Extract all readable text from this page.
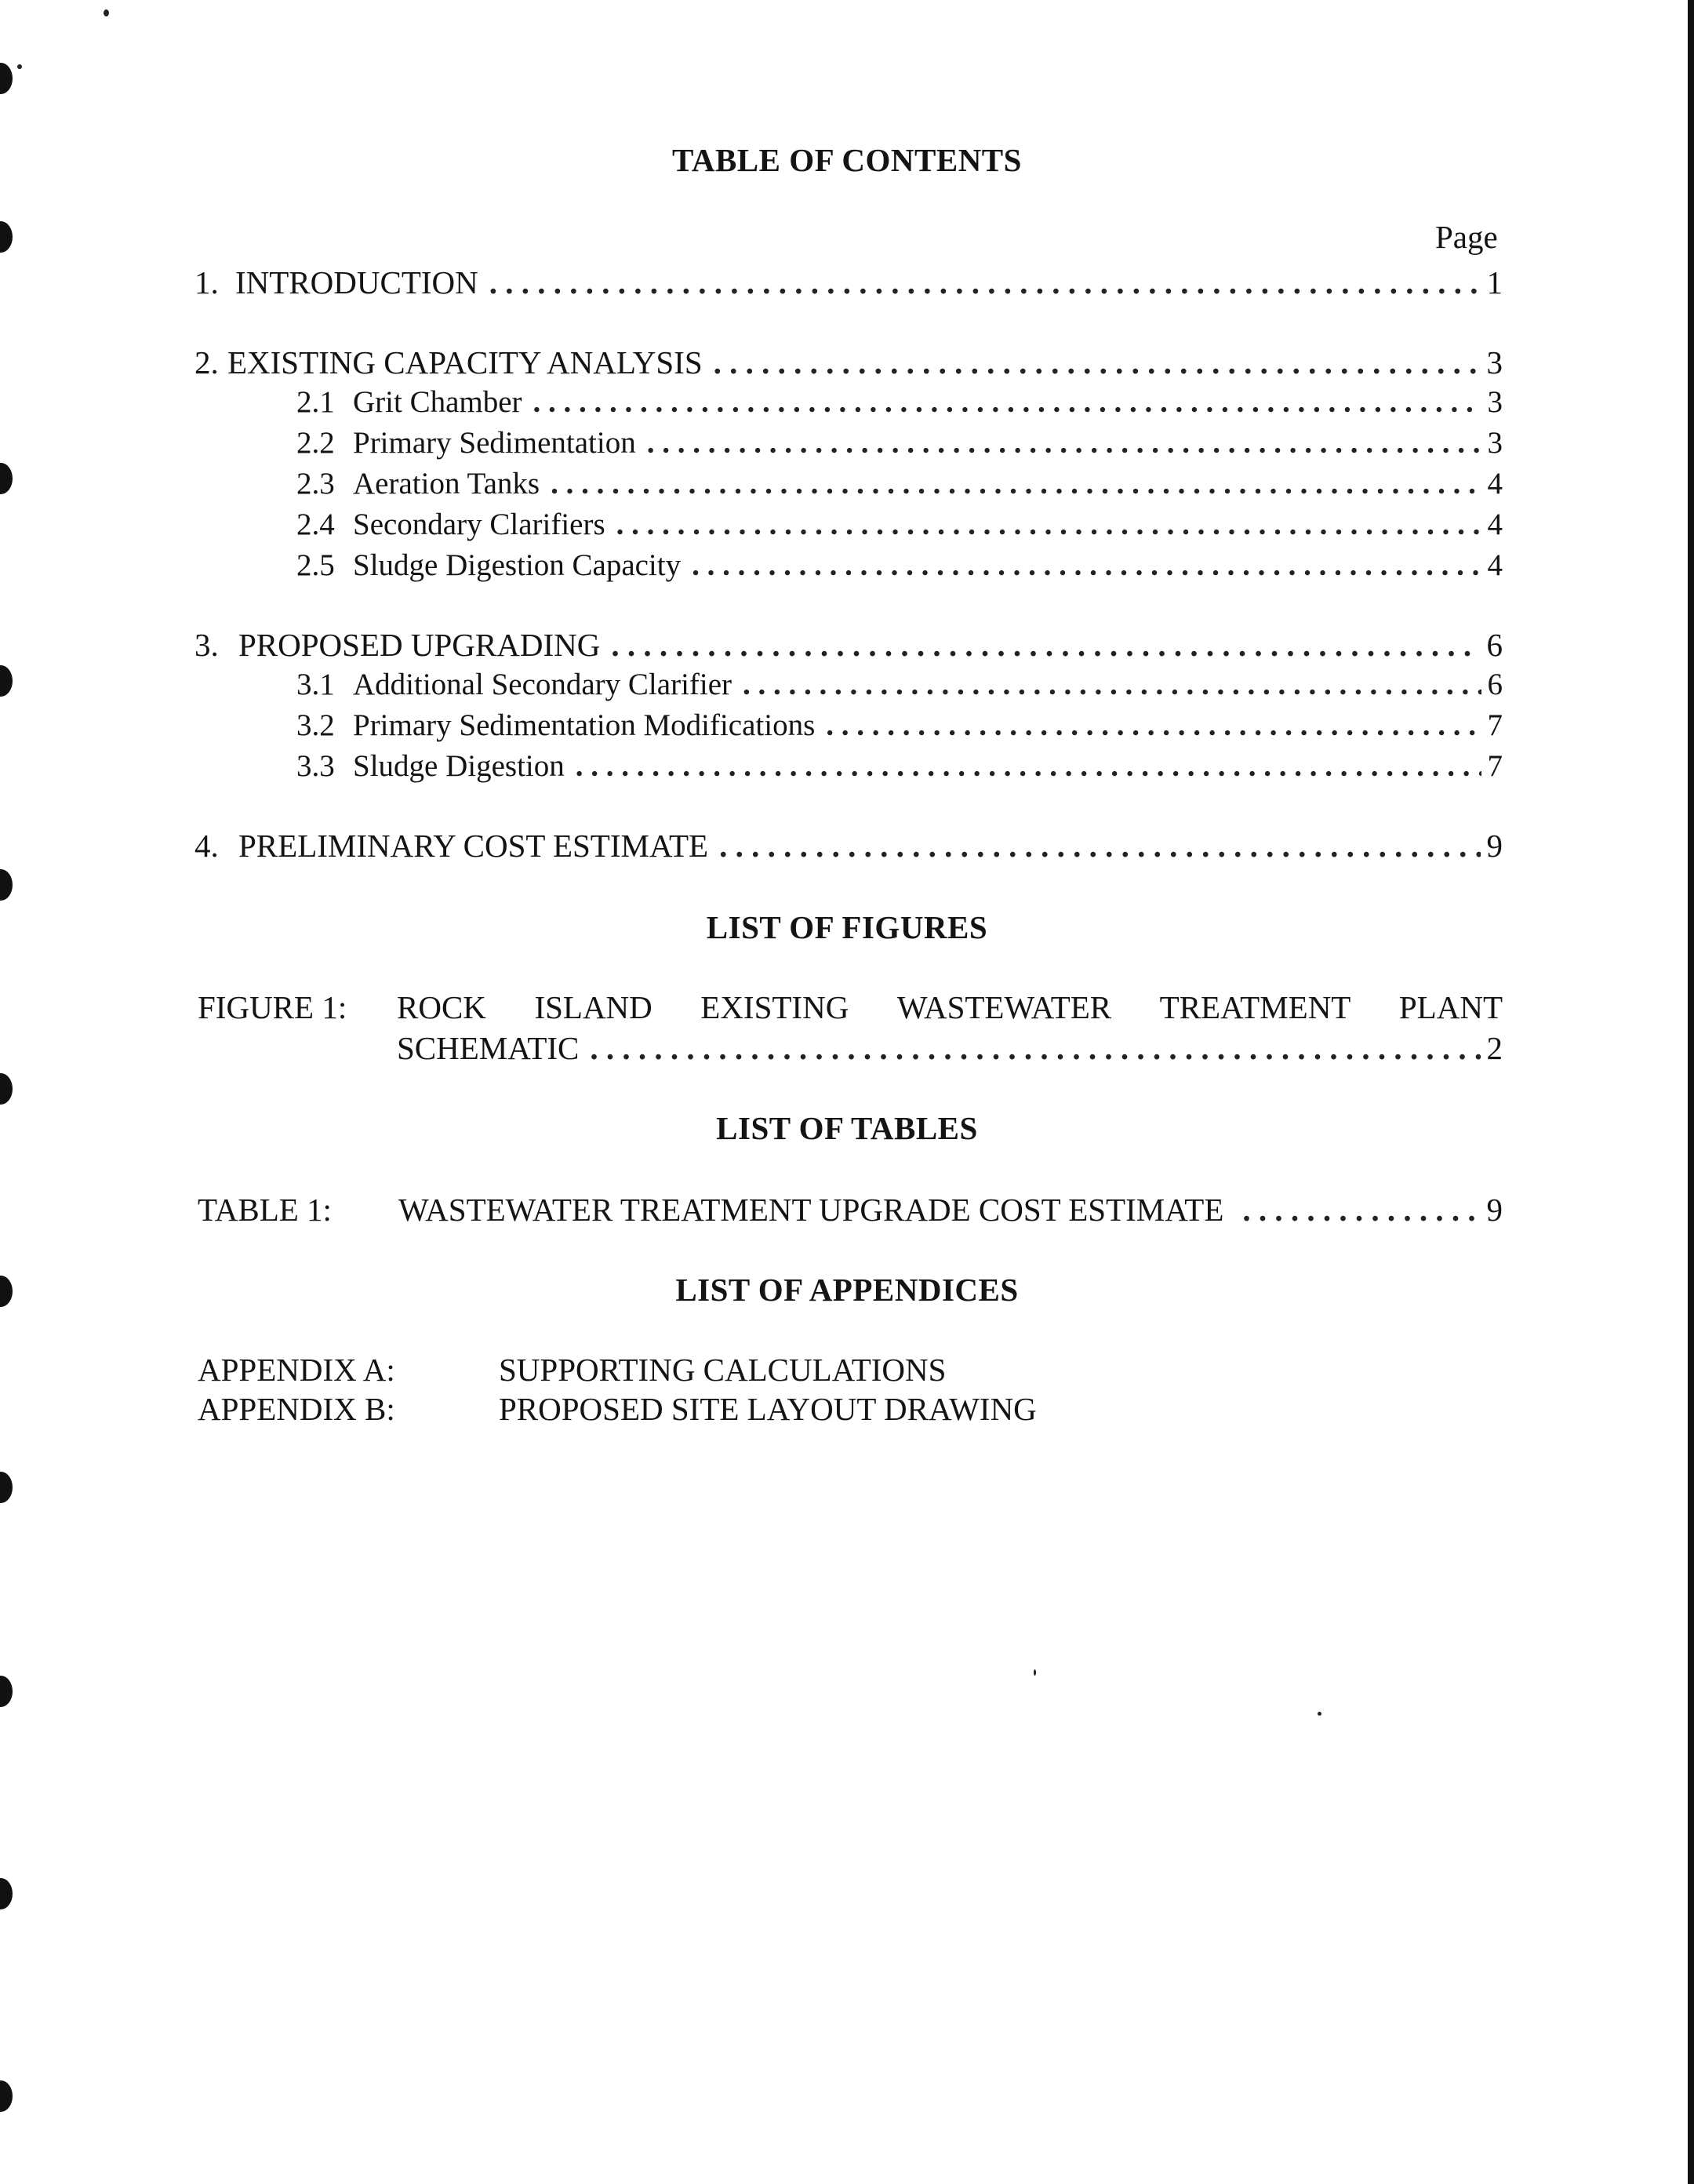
TABLE OF CONTENTS
Page
1. INTRODUCTION . . .	1
2. EXISTING CAPACITY ANALYSIS . . .	3
2.1 Grit Chamber . . .	3
2.2 Primary Sedimentation . . .	3
2.3 Aeration Tanks . . .	4
2.4 Secondary Clarifiers . . .	4
2.5 Sludge Digestion Capacity . . .	4
3. PROPOSED UPGRADING . . .	6
3.1 Additional Secondary Clarifier . . .	6
3.2 Primary Sedimentation Modifications . . .	7
3.3 Sludge Digestion . . .	7
4. PRELIMINARY COST ESTIMATE . . .	9
LIST OF FIGURES
FIGURE 1: ROCK ISLAND EXISTING WASTEWATER TREATMENT PLANT
SCHEMATIC . . .	2
LIST OF TABLES
TABLE 1: WASTEWATER TREATMENT UPGRADE COST ESTIMATE . . .	9
LIST OF APPENDICES
APPENDIX A:	SUPPORTING CALCULATIONS
APPENDIX B:	PROPOSED SITE LAYOUT DRAWING
